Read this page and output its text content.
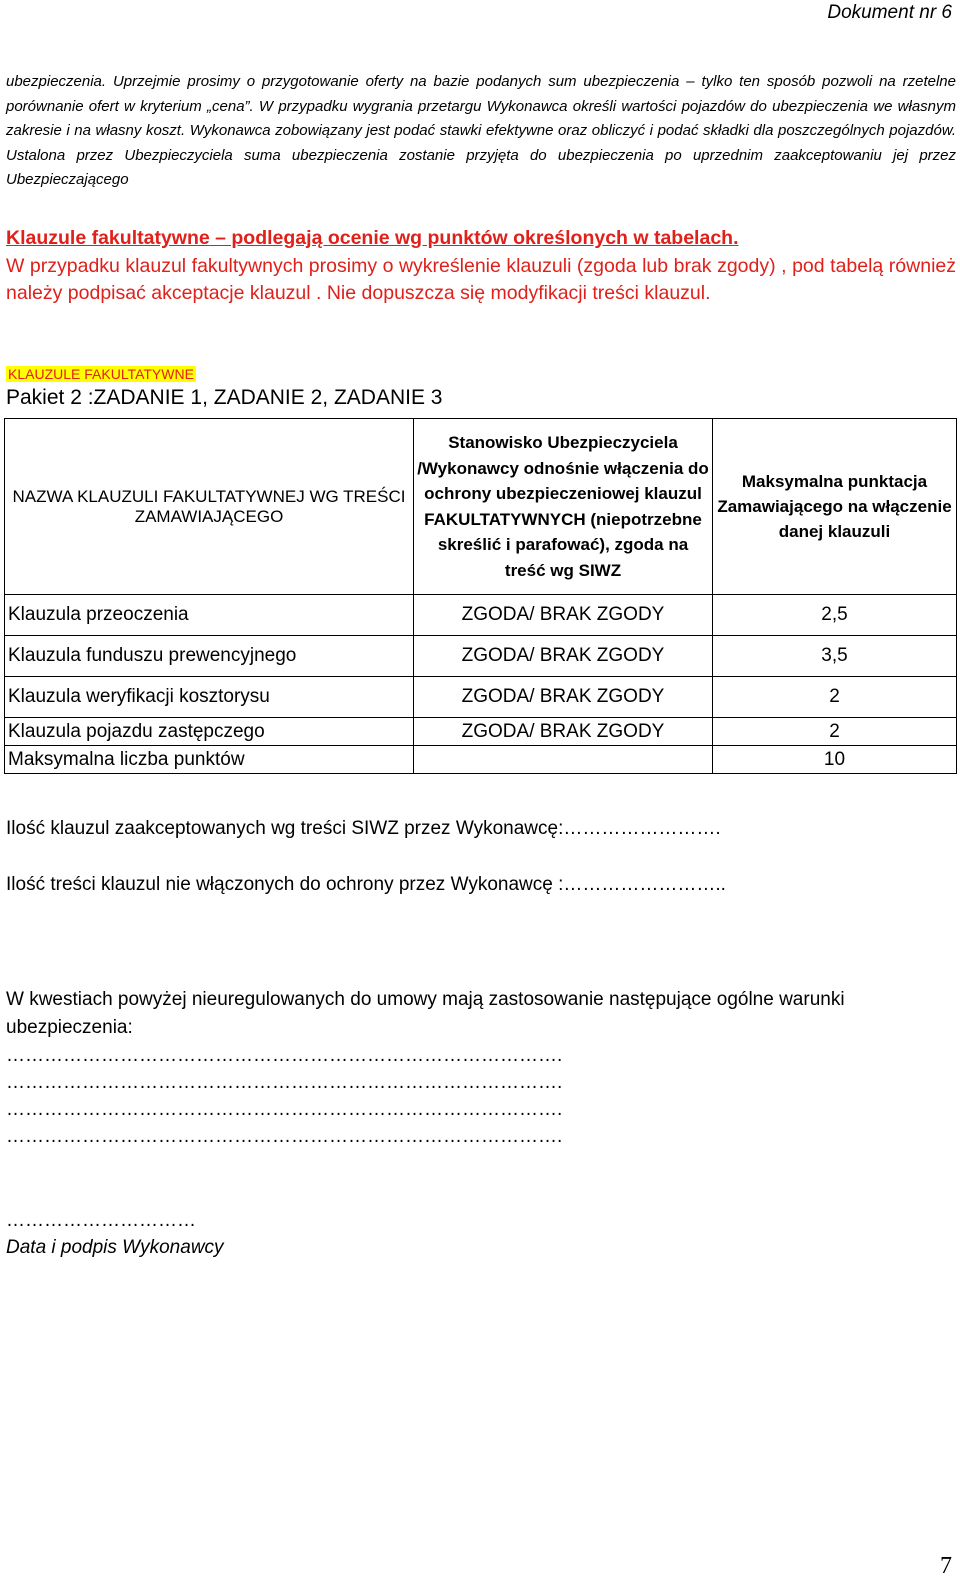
Dokument nr 6
ubezpieczenia. Uprzejmie prosimy o przygotowanie oferty na bazie podanych sum ubezpieczenia – tylko ten sposób pozwoli na rzetelne porównanie ofert w kryterium „cena”. W przypadku wygrania przetargu Wykonawca określi wartości pojazdów do ubezpieczenia we własnym zakresie i na własny koszt. Wykonawca zobowiązany jest podać stawki efektywne oraz obliczyć i podać składki dla poszczególnych pojazdów. Ustalona przez Ubezpieczyciela suma ubezpieczenia zostanie przyjęta do ubezpieczenia po uprzednim zaakceptowaniu jej przez Ubezpieczającego
Klauzule fakultatywne – podlegają ocenie wg punktów określonych w tabelach.
W przypadku klauzul fakultywnych prosimy o wykreślenie klauzuli (zgoda lub brak zgody) , pod tabelą również należy podpisać akceptacje klauzul . Nie dopuszcza się modyfikacji treści klauzul.
KLAUZULE FAKULTATYWNE
Pakiet 2 :ZADANIE 1, ZADANIE 2, ZADANIE 3
NAZWA KLAUZULI FAKULTATYWNEJ WG TREŚCI ZAMAWIAJĄCEGO	Stanowisko Ubezpieczyciela /Wykonawcy odnośnie włączenia do ochrony ubezpieczeniowej klauzul FAKULTATYWNYCH (niepotrzebne skreślić i parafować), zgoda na treść wg SIWZ	Maksymalna punktacja Zamawiającego na włączenie danej klauzuli
Klauzula przeoczenia	ZGODA/ BRAK ZGODY	2,5
Klauzula funduszu prewencyjnego	ZGODA/ BRAK ZGODY	3,5
Klauzula weryfikacji kosztorysu	ZGODA/ BRAK ZGODY	2
Klauzula pojazdu zastępczego	ZGODA/ BRAK ZGODY	2
Maksymalna liczba punktów		10
Ilość klauzul zaakceptowanych wg treści SIWZ przez Wykonawcę:…………………….
Ilość treści klauzul nie włączonych do ochrony przez Wykonawcę :……………………..
W kwestiach powyżej nieuregulowanych do umowy mają zastosowanie następujące ogólne warunki ubezpieczenia:
…………………………………………………………………………….
…………………………………………………………………………….
…………………………………………………………………………….
…………………………………………………………………………….
…………………………
Data i podpis Wykonawcy
7
